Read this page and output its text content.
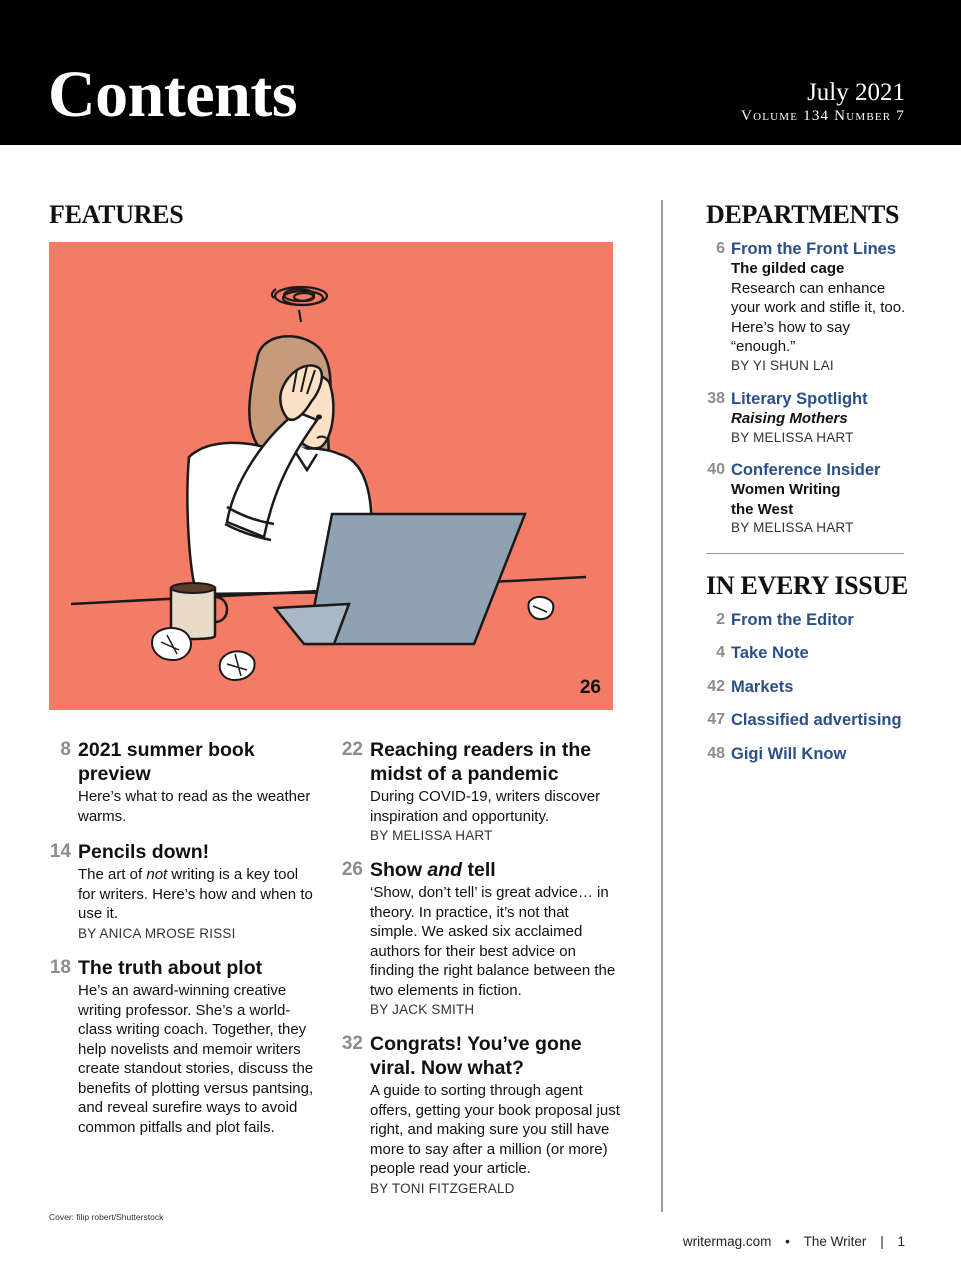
Contents	July 2021
Volume 134 Number 7
FEATURES
26
8 2021 summer book preview
Here’s what to read as the weather warms.
14 Pencils down!
The art of not writing is a key tool for writers. Here’s how and when to use it.
BY ANICA MROSE RISSI
18 The truth about plot
He’s an award-winning creative writing professor. She’s a world-class writing coach. Together, they help novelists and memoir writers create standout stories, discuss the benefits of plotting versus pantsing, and reveal surefire ways to avoid common pitfalls and plot fails.
22 Reaching readers in the midst of a pandemic
During COVID-19, writers discover inspiration and opportunity.
BY MELISSA HART
26 Show and tell
‘Show, don’t tell’ is great advice… in theory. In practice, it’s not that simple. We asked six acclaimed authors for their best advice on finding the right balance between the two elements in fiction.
BY JACK SMITH
32 Congrats! You’ve gone viral. Now what?
A guide to sorting through agent offers, getting your book proposal just right, and making sure you still have more to say after a million (or more) people read your article.
BY TONI FITZGERALD
DEPARTMENTS
6 From the Front Lines
The gilded cage
Research can enhance your work and stifle it, too. Here’s how to say “enough.”
BY YI SHUN LAI
38 Literary Spotlight
Raising Mothers
BY MELISSA HART
40 Conference Insider
Women Writing the West
BY MELISSA HART
IN EVERY ISSUE
2 From the Editor
4 Take Note
42 Markets
47 Classified advertising
48 Gigi Will Know
Cover: filip robert/Shutterstock
writermag.com • The Writer | 1
